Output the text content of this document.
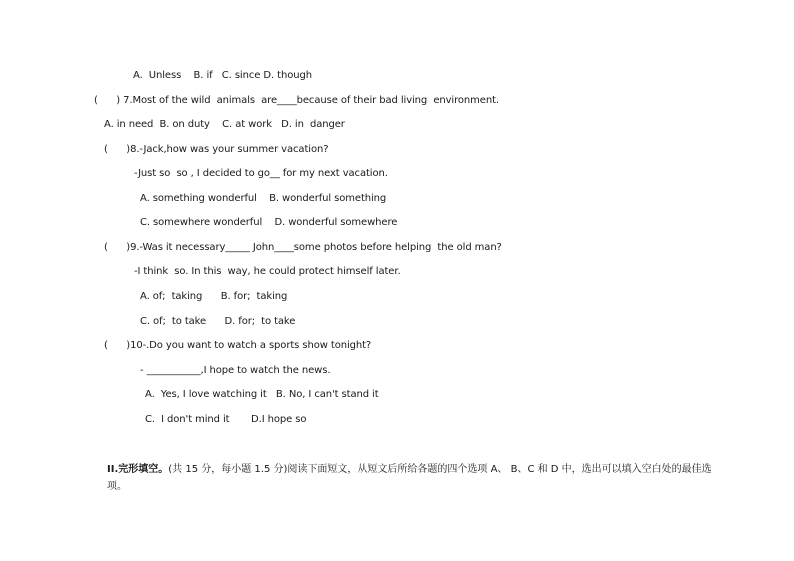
A.  Unless    B. if   C. since D. though
(      ) 7.Most of the wild  animals  are____because of their bad living  environment.
A. in need  B. on duty    C. at work   D. in  danger
(      )8.-Jack,how was your summer vacation?
-Just so  so , I decided to go__ for my next vacation.
A. something wonderful    B. wonderful something
C. somewhere wonderful    D. wonderful somewhere
(      )9.-Was it necessary_____ John____some photos before helping  the old man?
-I think  so. In this  way, he could protect himself later.
A. of;  taking      B. for;  taking
C. of;  to take      D. for;  to take
(      )10-.Do you want to watch a sports show tonight?
- ___________,I hope to watch the news.
A.  Yes, I love watching it   B. No, I can't stand it
C.  I don't mind it       D.I hope so
II.完形填空。(共 15 分，每小题 1.5 分)阅读下面短文，从短文后所给各题的四个选项 A、 B、C 和 D 中，选出可以填入空白处的最佳选项。
